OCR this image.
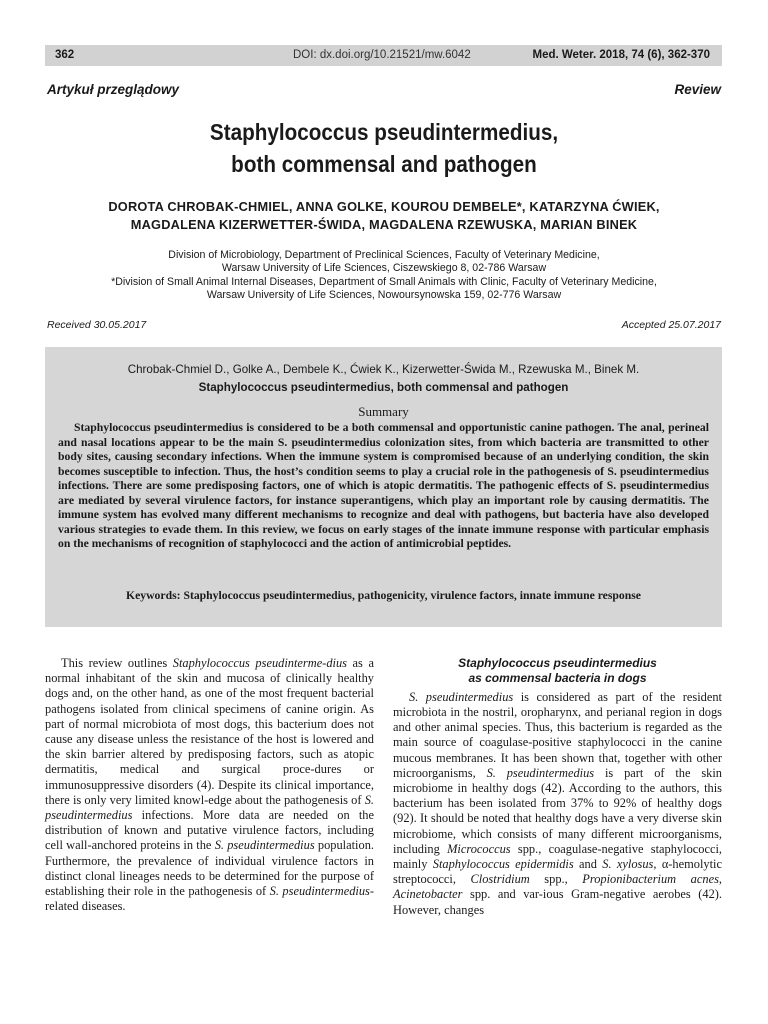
362	DOI: dx.doi.org/10.21521/mw.6042	Med. Weter. 2018, 74 (6), 362-370
Artykuł przeglądowy	Review
Staphylococcus pseudintermedius,
both commensal and pathogen
DOROTA CHROBAK-CHMIEL, ANNA GOLKE, KOUROU DEMBELE*, KATARZYNA ĆWIEK,
MAGDALENA KIZERWETTER-ŚWIDA, MAGDALENA RZEWUSKA, MARIAN BINEK
Division of Microbiology, Department of Preclinical Sciences, Faculty of Veterinary Medicine,
Warsaw University of Life Sciences, Ciszewskiego 8, 02-786 Warsaw
*Division of Small Animal Internal Diseases, Department of Small Animals with Clinic, Faculty of Veterinary Medicine,
Warsaw University of Life Sciences, Nowoursynowska 159, 02-776 Warsaw
Received 30.05.2017	Accepted 25.07.2017
Chrobak-Chmiel D., Golke A., Dembele K., Ćwiek K., Kizerwetter-Świda M., Rzewuska M., Binek M.
Staphylococcus pseudintermedius, both commensal and pathogen
Summary
Staphylococcus pseudintermedius is considered to be a both commensal and opportunistic canine pathogen. The anal, perineal and nasal locations appear to be the main S. pseudintermedius colonization sites, from which bacteria are transmitted to other body sites, causing secondary infections. When the immune system is compromised because of an underlying condition, the skin becomes susceptible to infection. Thus, the host’s condition seems to play a crucial role in the pathogenesis of S. pseudintermedius infections. There are some predisposing factors, one of which is atopic dermatitis. The pathogenic effects of S. pseudintermedius are mediated by several virulence factors, for instance superantigens, which play an important role by causing dermatitis. The immune system has evolved many different mechanisms to recognize and deal with pathogens, but bacteria have also developed various strategies to evade them. In this review, we focus on early stages of the innate immune response with particular emphasis on the mechanisms of recognition of staphylococci and the action of antimicrobial peptides.
Keywords: Staphylococcus pseudintermedius, pathogenicity, virulence factors, innate immune response

This review outlines Staphylococcus pseudinterme-dius as a normal inhabitant of the skin and mucosa of clinically healthy dogs and, on the other hand, as one of the most frequent bacterial pathogens isolated from clinical specimens of canine origin. As part of normal microbiota of most dogs, this bacterium does not cause any disease unless the resistance of the host is lowered and the skin barrier altered by predisposing factors, such as atopic dermatitis, medical and surgical proce-dures or immunosuppressive disorders (4). Despite its clinical importance, there is only very limited knowl-edge about the pathogenesis of S. pseudintermedius infections. More data are needed on the distribution of known and putative virulence factors, including cell wall-anchored proteins in the S. pseudintermedius population. Furthermore, the prevalence of individual virulence factors in distinct clonal lineages needs to be determined for the purpose of establishing their role in the pathogenesis of S. pseudintermedius-related diseases.

Staphylococcus pseudintermedius
as commensal bacteria in dogs

S. pseudintermedius is considered as part of the resident microbiota in the nostril, oropharynx, and perianal region in dogs and other animal species. Thus, this bacterium is regarded as the main source of coagulase-positive staphylococci in the canine mucous membranes. It has been shown that, together with other microorganisms, S. pseudintermedius is part of the skin microbiome in healthy dogs (42). According to the authors, this bacterium has been isolated from 37% to 92% of healthy dogs (92). It should be noted that healthy dogs have a very diverse skin microbiome, which consists of many different microorganisms, including Micrococcus spp., coagulase-negative staphylococci, mainly Staphylococcus epidermidis and S. xylosus, α-hemolytic streptococci, Clostridium spp., Propionibacterium acnes, Acinetobacter spp. and var-ious Gram-negative aerobes (42). However, changes
